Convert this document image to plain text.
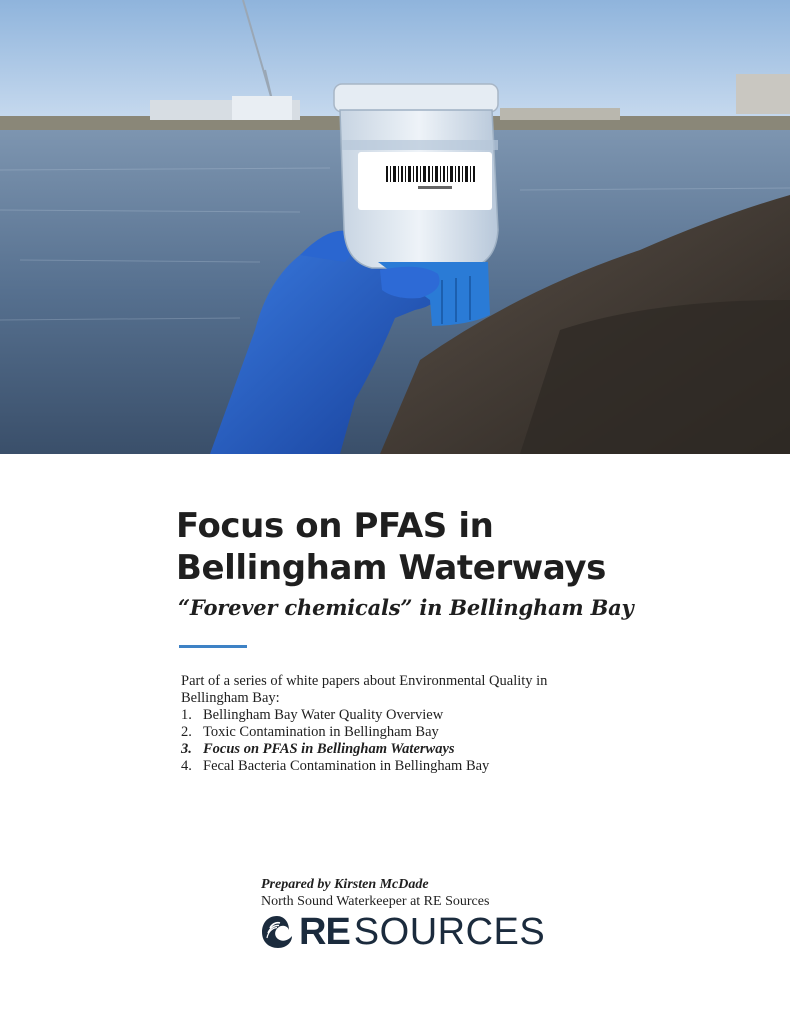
Focus on PFAS in
Bellingham Waterways

“Forever chemicals” in Bellingham Bay

Part of a series of white papers about Environmental Quality in Bellingham Bay:

1. Bellingham Bay Water Quality Overview
2. Toxic Contamination in Bellingham Bay
3. Focus on PFAS in Bellingham Waterways
4. Fecal Bacteria Contamination in Bellingham Bay
Prepared by Kirsten McDade
North Sound Waterkeeper at RE Sources
RE SOURCES
